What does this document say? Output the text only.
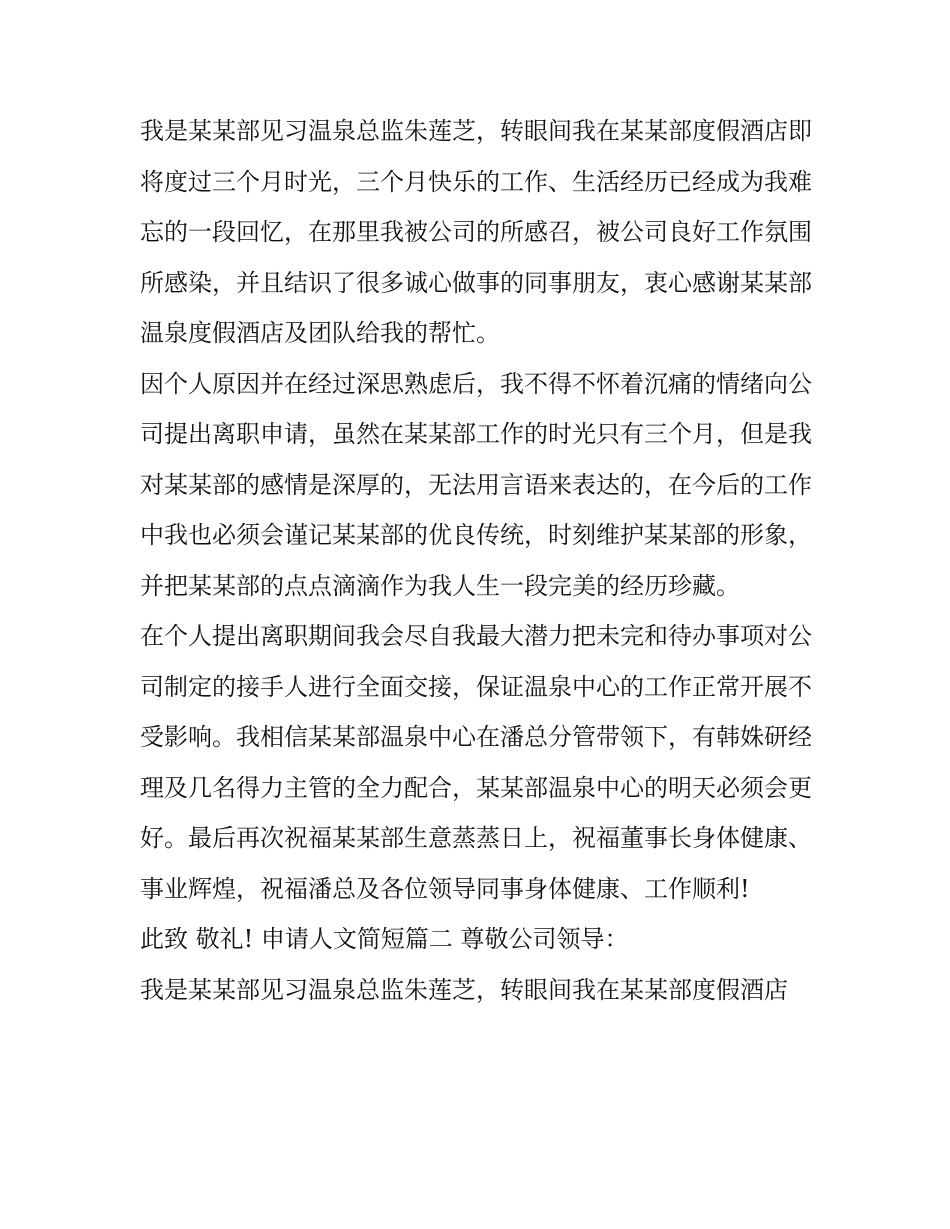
我是某某部见习温泉总监朱莲芝，转眼间我在某某部度假酒店即将度过三个月时光，三个月快乐的工作、生活经历已经成为我难忘的一段回忆，在那里我被公司的所感召，被公司良好工作氛围所感染，并且结识了很多诚心做事的同事朋友，衷心感谢某某部温泉度假酒店及团队给我的帮忙。

因个人原因并在经过深思熟虑后，我不得不怀着沉痛的情绪向公司提出离职申请，虽然在某某部工作的时光只有三个月，但是我对某某部的感情是深厚的，无法用言语来表达的，在今后的工作中我也必须会谨记某某部的优良传统，时刻维护某某部的形象，并把某某部的点点滴滴作为我人生一段完美的经历珍藏。

在个人提出离职期间我会尽自我最大潜力把未完和待办事项对公司制定的接手人进行全面交接，保证温泉中心的工作正常开展不受影响。我相信某某部温泉中心在潘总分管带领下，有韩姝研经理及几名得力主管的全力配合，某某部温泉中心的明天必须会更好。最后再次祝福某某部生意蒸蒸日上，祝福董事长身体健康、事业辉煌，祝福潘总及各位领导同事身体健康、工作顺利!

此致 敬礼! 申请人文简短篇二 尊敬公司领导：

我是某某部见习温泉总监朱莲芝，转眼间我在某某部度假酒店
